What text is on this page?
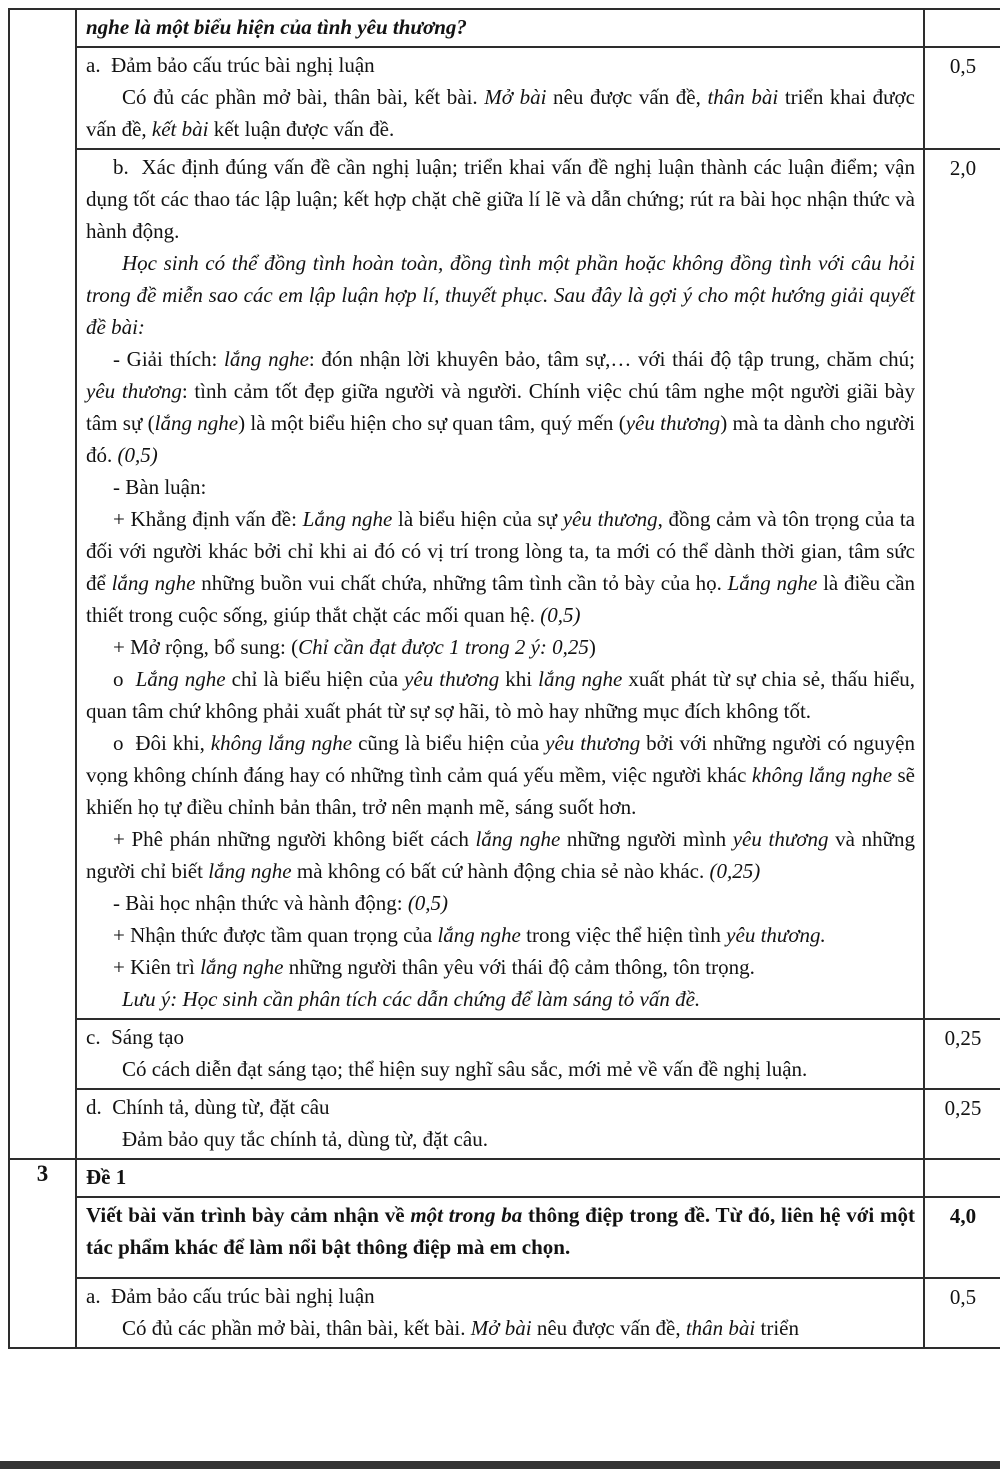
	nghe là một biểu hiện của tình yêu thương?	

	a.  Đảm bảo cấu trúc bài nghị luận
Có đủ các phần mở bài, thân bài, kết bài. Mở bài nêu được vấn đề, thân bài triển khai được vấn đề, kết bài kết luận được vấn đề.	0,5

b.  Xác định đúng vấn đề cần nghị luận; triển khai vấn đề nghị luận thành các luận điểm; vận dụng tốt các thao tác lập luận; kết hợp chặt chẽ giữa lí lẽ và dẫn chứng; rút ra bài học nhận thức và hành động.
Học sinh có thể đồng tình hoàn toàn, đồng tình một phần hoặc không đồng tình với câu hỏi trong đề miễn sao các em lập luận hợp lí, thuyết phục. Sau đây là gợi ý cho một hướng giải quyết đề bài:
- Giải thích: lắng nghe: đón nhận lời khuyên bảo, tâm sự,… với thái độ tập trung, chăm chú; yêu thương: tình cảm tốt đẹp giữa người và người. Chính việc chú tâm nghe một người giãi bày tâm sự (lắng nghe) là một biểu hiện cho sự quan tâm, quý mến (yêu thương) mà ta dành cho người đó. (0,5)
- Bàn luận:
+ Khẳng định vấn đề: Lắng nghe là biểu hiện của sự yêu thương, đồng cảm và tôn trọng của ta đối với người khác bởi chỉ khi ai đó có vị trí trong lòng ta, ta mới có thể dành thời gian, tâm sức để lắng nghe những buồn vui chất chứa, những tâm tình cần tỏ bày của họ. Lắng nghe là điều cần thiết trong cuộc sống, giúp thắt chặt các mối quan hệ. (0,5)
+ Mở rộng, bổ sung: (Chỉ cần đạt được 1 trong 2 ý: 0,25)
o  Lắng nghe chỉ là biểu hiện của yêu thương khi lắng nghe xuất phát từ sự chia sẻ, thấu hiểu, quan tâm chứ không phải xuất phát từ sự sợ hãi, tò mò hay những mục đích không tốt.
o  Đôi khi, không lắng nghe cũng là biểu hiện của yêu thương bởi với những người có nguyện vọng không chính đáng hay có những tình cảm quá yếu mềm, việc người khác không lắng nghe sẽ khiến họ tự điều chỉnh bản thân, trở nên mạnh mẽ, sáng suốt hơn.
+ Phê phán những người không biết cách lắng nghe những người mình yêu thương và những người chỉ biết lắng nghe mà không có bất cứ hành động chia sẻ nào khác. (0,25)
- Bài học nhận thức và hành động: (0,5)
+ Nhận thức được tầm quan trọng của lắng nghe trong việc thể hiện tình yêu thương.
+ Kiên trì lắng nghe những người thân yêu với thái độ cảm thông, tôn trọng.
Lưu ý: Học sinh cần phân tích các dẫn chứng để làm sáng tỏ vấn đề.
	2,0

	c.  Sáng tạo
Có cách diễn đạt sáng tạo; thể hiện suy nghĩ sâu sắc, mới mẻ về vấn đề nghị luận.	0,25

	d.  Chính tả, dùng từ, đặt câu
Đảm bảo quy tắc chính tả, dùng từ, đặt câu.	0,25
3	Đề 1	

	Viết bài văn trình bày cảm nhận về một trong ba thông điệp trong đề. Từ đó, liên hệ với một tác phẩm khác để làm nổi bật thông điệp mà em chọn.	4,0

	a.  Đảm bảo cấu trúc bài nghị luận
Có đủ các phần mở bài, thân bài, kết bài. Mở bài nêu được vấn đề, thân bài triển	0,5
